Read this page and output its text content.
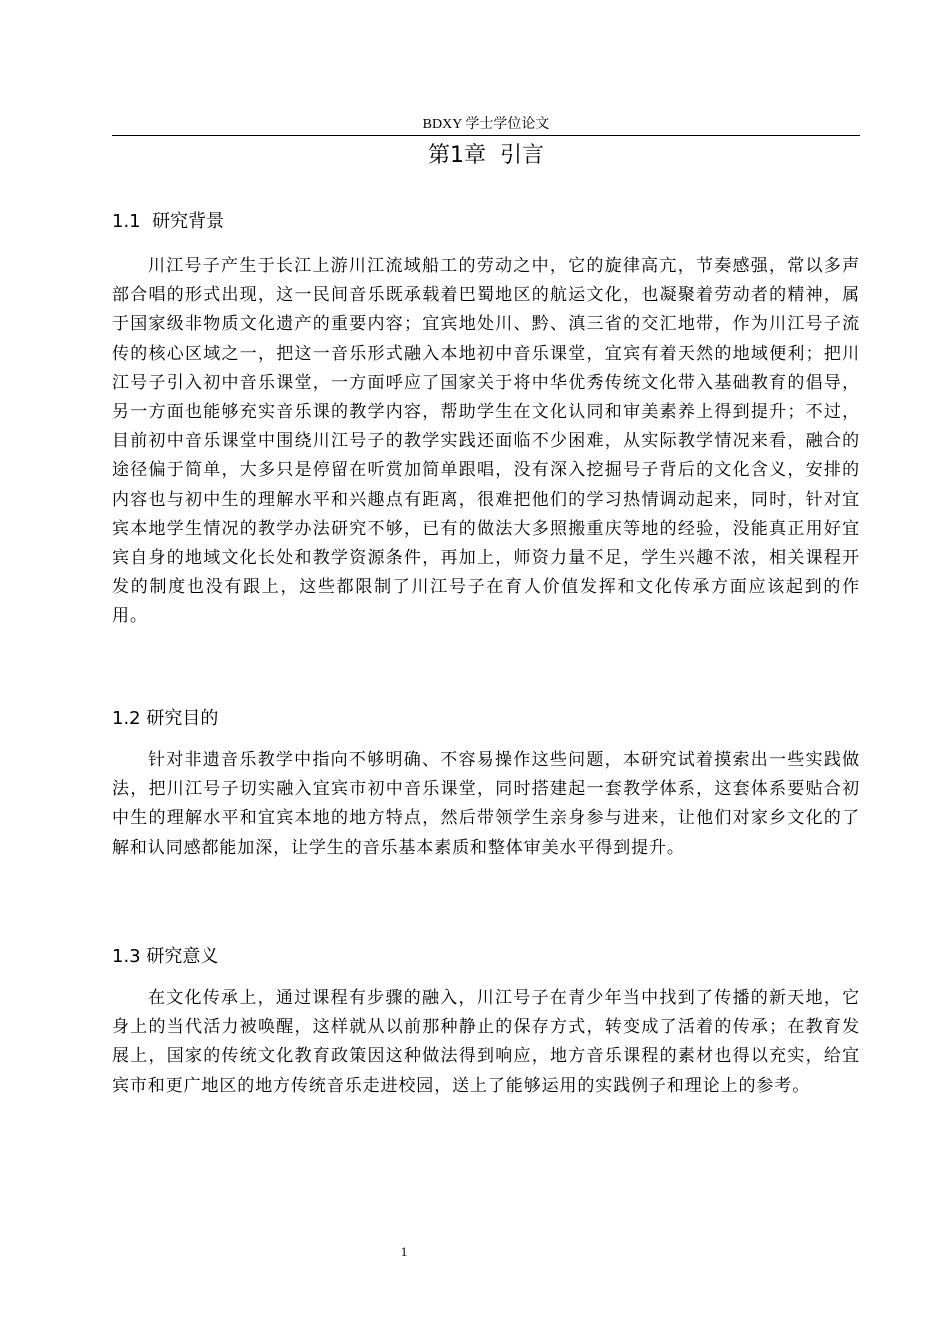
BDXY 学士学位论文
第1章  引言
1.1  研究背景

川江号子产生于长江上游川江流域船工的劳动之中，它的旋律高亢，节奏感强，常以多声部合唱的形式出现，这一民间音乐既承载着巴蜀地区的航运文化，也凝聚着劳动者的精神，属于国家级非物质文化遗产的重要内容；宜宾地处川、黔、滇三省的交汇地带，作为川江号子流传的核心区域之一，把这一音乐形式融入本地初中音乐课堂，宜宾有着天然的地域便利；把川江号子引入初中音乐课堂，一方面呼应了国家关于将中华优秀传统文化带入基础教育的倡导，另一方面也能够充实音乐课的教学内容，帮助学生在文化认同和审美素养上得到提升；不过，目前初中音乐课堂中围绕川江号子的教学实践还面临不少困难，从实际教学情况来看，融合的途径偏于简单，大多只是停留在听赏加简单跟唱，没有深入挖掘号子背后的文化含义，安排的内容也与初中生的理解水平和兴趣点有距离，很难把他们的学习热情调动起来，同时，针对宜宾本地学生情况的教学办法研究不够，已有的做法大多照搬重庆等地的经验，没能真正用好宜宾自身的地域文化长处和教学资源条件，再加上，师资力量不足，学生兴趣不浓，相关课程开发的制度也没有跟上，这些都限制了川江号子在育人价值发挥和文化传承方面应该起到的作用。

1.2 研究目的

针对非遗音乐教学中指向不够明确、不容易操作这些问题，本研究试着摸索出一些实践做法，把川江号子切实融入宜宾市初中音乐课堂，同时搭建起一套教学体系，这套体系要贴合初中生的理解水平和宜宾本地的地方特点，然后带领学生亲身参与进来，让他们对家乡文化的了解和认同感都能加深，让学生的音乐基本素质和整体审美水平得到提升。

1.3 研究意义

在文化传承上，通过课程有步骤的融入，川江号子在青少年当中找到了传播的新天地，它身上的当代活力被唤醒，这样就从以前那种静止的保存方式，转变成了活着的传承；在教育发展上，国家的传统文化教育政策因这种做法得到响应，地方音乐课程的素材也得以充实，给宜宾市和更广地区的地方传统音乐走进校园，送上了能够运用的实践例子和理论上的参考。

1
